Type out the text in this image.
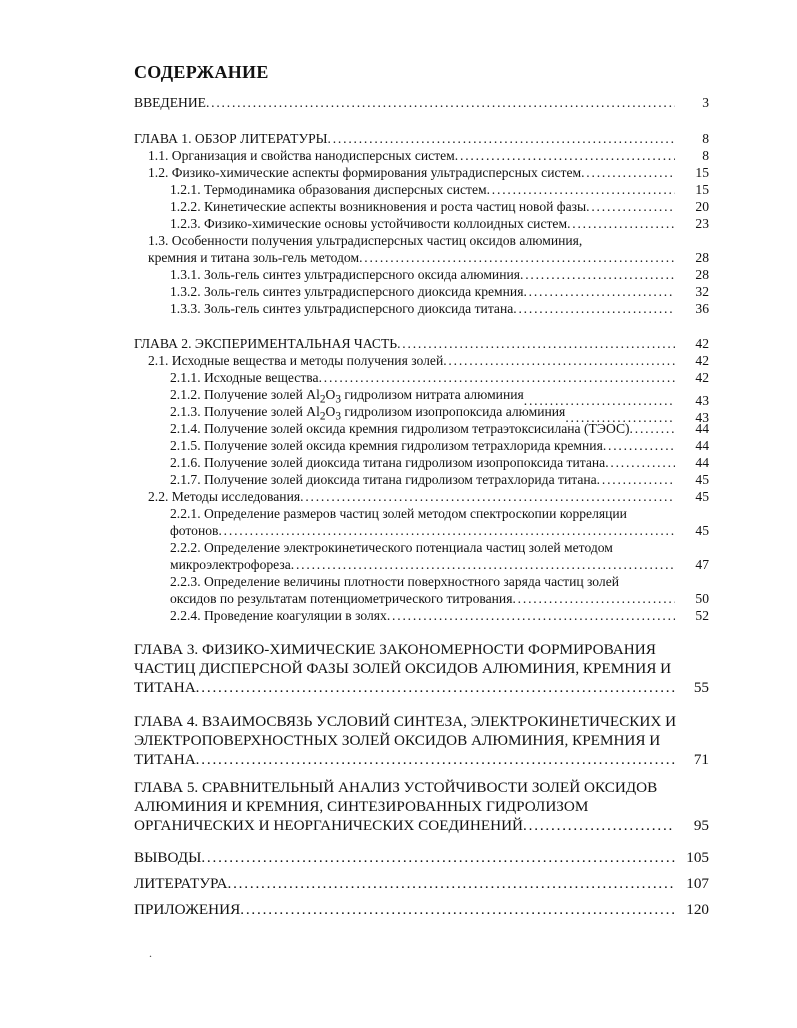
СОДЕРЖАНИЕ
ВВЕДЕНИЕ .....	3
ГЛАВА 1. ОБЗОР ЛИТЕРАТУРЫ .....	8
1.1. Организация и свойства нанодисперсных систем .....	8
1.2. Физико-химические аспекты формирования ультрадисперсных систем .....	15
1.2.1. Термодинамика образования дисперсных систем .....	15
1.2.2. Кинетические аспекты возникновения и роста частиц новой фазы .....	20
1.2.3. Физико-химические основы устойчивости коллоидных систем .....	23
1.3. Особенности получения ультрадисперсных частиц оксидов алюминия,
кремния и титана золь-гель методом .....	28
1.3.1. Золь-гель синтез ультрадисперсного оксида алюминия .....	28
1.3.2. Золь-гель синтез ультрадисперсного диоксида кремния .....	32
1.3.3. Золь-гель синтез ультрадисперсного диоксида титана .....	36
ГЛАВА 2. ЭКСПЕРИМЕНТАЛЬНАЯ ЧАСТЬ .....	42
2.1. Исходные вещества и методы получения золей .....	42
2.1.1. Исходные вещества .....	42
2.1.2. Получение золей $Al_2O_3$ гидролизом нитрата алюминия .....	43
2.1.3. Получение золей $Al_2O_3$ гидролизом изопропоксида алюминия .....	43
2.1.4. Получение золей оксида кремния гидролизом тетраэтоксисилана (ТЭОС) .....	44
2.1.5. Получение золей оксида кремния гидролизом тетрахлорида кремния .....	44
2.1.6. Получение золей диоксида титана гидролизом изопропоксида титана .....	44
2.1.7. Получение золей диоксида титана гидролизом тетрахлорида титана .....	45
2.2. Методы исследования .....	45
2.2.1. Определение размеров частиц золей методом спектроскопии корреляции
фотонов .....	45
2.2.2. Определение электрокинетического потенциала частиц золей методом
микроэлектрофореза .....	47
2.2.3. Определение величины плотности поверхностного заряда частиц золей
оксидов по результатам потенциометрического титрования .....	50
2.2.4. Проведение коагуляции в золях .....	52
ГЛАВА 3. ФИЗИКО-ХИМИЧЕСКИЕ ЗАКОНОМЕРНОСТИ ФОРМИРОВАНИЯ
ЧАСТИЦ ДИСПЕРСНОЙ ФАЗЫ ЗОЛЕЙ ОКСИДОВ АЛЮМИНИЯ, КРЕМНИЯ И
ТИТАНА .....	55
ГЛАВА 4. ВЗАИМОСВЯЗЬ УСЛОВИЙ СИНТЕЗА, ЭЛЕКТРОКИНЕТИЧЕСКИХ И
ЭЛЕКТРОПОВЕРХНОСТНЫХ ЗОЛЕЙ ОКСИДОВ АЛЮМИНИЯ, КРЕМНИЯ И
ТИТАНА .....	71
ГЛАВА 5. СРАВНИТЕЛЬНЫЙ АНАЛИЗ УСТОЙЧИВОСТИ ЗОЛЕЙ ОКСИДОВ
АЛЮМИНИЯ И КРЕМНИЯ, СИНТЕЗИРОВАННЫХ ГИДРОЛИЗОМ
ОРГАНИЧЕСКИХ И НЕОРГАНИЧЕСКИХ СОЕДИНЕНИЙ .....	95
ВЫВОДЫ .....	105
ЛИТЕРАТУРА .....	107
ПРИЛОЖЕНИЯ .....	120
.
